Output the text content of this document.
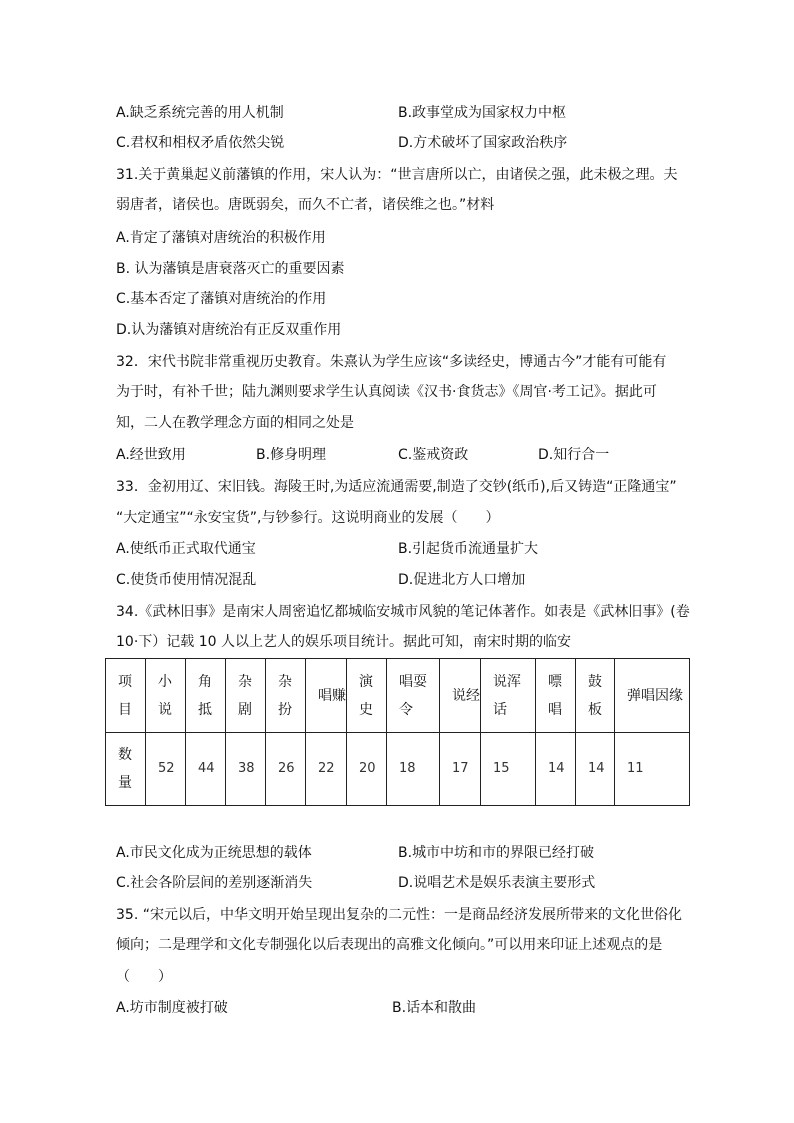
A.缺乏系统完善的用人机制	B.政事堂成为国家权力中枢
C.君权和相权矛盾依然尖锐	D.方术破坏了国家政治秩序
31.关于黄巢起义前藩镇的作用，宋人认为：“世言唐所以亡，由诸侯之强，此未极之理。夫
弱唐者，诸侯也。唐既弱矣，而久不亡者，诸侯维之也。”材料
A.肯定了藩镇对唐统治的积极作用
B. 认为藩镇是唐衰落灭亡的重要因素
C.基本否定了藩镇对唐统治的作用
D.认为藩镇对唐统治有正反双重作用
32．宋代书院非常重视历史教育。朱熹认为学生应该“多读经史，博通古今”才能有可能有
为于时，有补千世；陆九渊则要求学生认真阅读《汉书·食货志》《周官·考工记》。据此可
知，二人在教学理念方面的相同之处是
A.经世致用	B.修身明理	C.鉴戒资政	D.知行合一
33．金初用辽、宋旧钱。海陵王时,为适应流通需要,制造了交钞(纸币),后又铸造“正隆通宝”
“大定通宝”“永安宝货”,与钞参行。这说明商业的发展（　　）
A.使纸币正式取代通宝	B.引起货币流通量扩大
C.使货币使用情况混乱	D.促进北方人口增加
34.《武林旧事》是南宋人周密追忆都城临安城市风貌的笔记体著作。如表是《武林旧事》(卷
10·下）记载 10 人以上艺人的娱乐项目统计。据此可知，南宋时期的临安
项目	小说	角抵	杂剧	杂扮	唱赚	演史	唱耍令	说经	说浑话	嘌唱	鼓板	弹唱因缘

数量	52	44	38	26	22	20	18	17	15	14	14	11
A.市民文化成为正统思想的载体	B.城市中坊和市的界限已经打破
C.社会各阶层间的差别逐渐消失	D.说唱艺术是娱乐表演主要形式
35. “宋元以后，中华文明开始呈现出复杂的二元性：一是商品经济发展所带来的文化世俗化
倾向；二是理学和文化专制强化以后表现出的高雅文化倾向。”可以用来印证上述观点的是
（　　）
A.坊市制度被打破	B.话本和散曲
